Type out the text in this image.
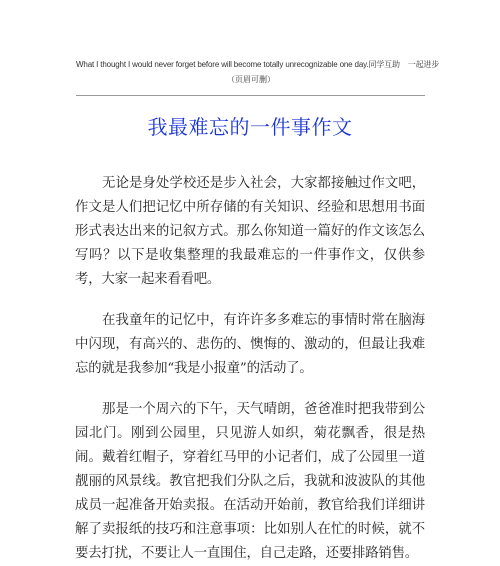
What I thought I would never forget before will become totally unrecognizable one day.同学互助　一起进步
（页眉可删）
我最难忘的一件事作文

无论是身处学校还是步入社会，大家都接触过作文吧，作文是人们把记忆中所存储的有关知识、经验和思想用书面形式表达出来的记叙方式。那么你知道一篇好的作文该怎么写吗？以下是收集整理的我最难忘的一件事作文，仅供参考，大家一起来看看吧。

在我童年的记忆中，有许许多多难忘的事情时常在脑海中闪现，有高兴的、悲伤的、懊悔的、激动的，但最让我难忘的就是我参加“我是小报童”的活动了。

那是一个周六的下午，天气晴朗，爸爸准时把我带到公园北门。刚到公园里，只见游人如织，菊花飘香，很是热闹。戴着红帽子，穿着红马甲的小记者们，成了公园里一道靓丽的风景线。教官把我们分队之后，我就和波波队的其他成员一起准备开始卖报。在活动开始前，教官给我们详细讲解了卖报纸的技巧和注意事项：比如别人在忙的时候，就不要去打扰，不要让人一直围住，自己走路，还要排路销售。
